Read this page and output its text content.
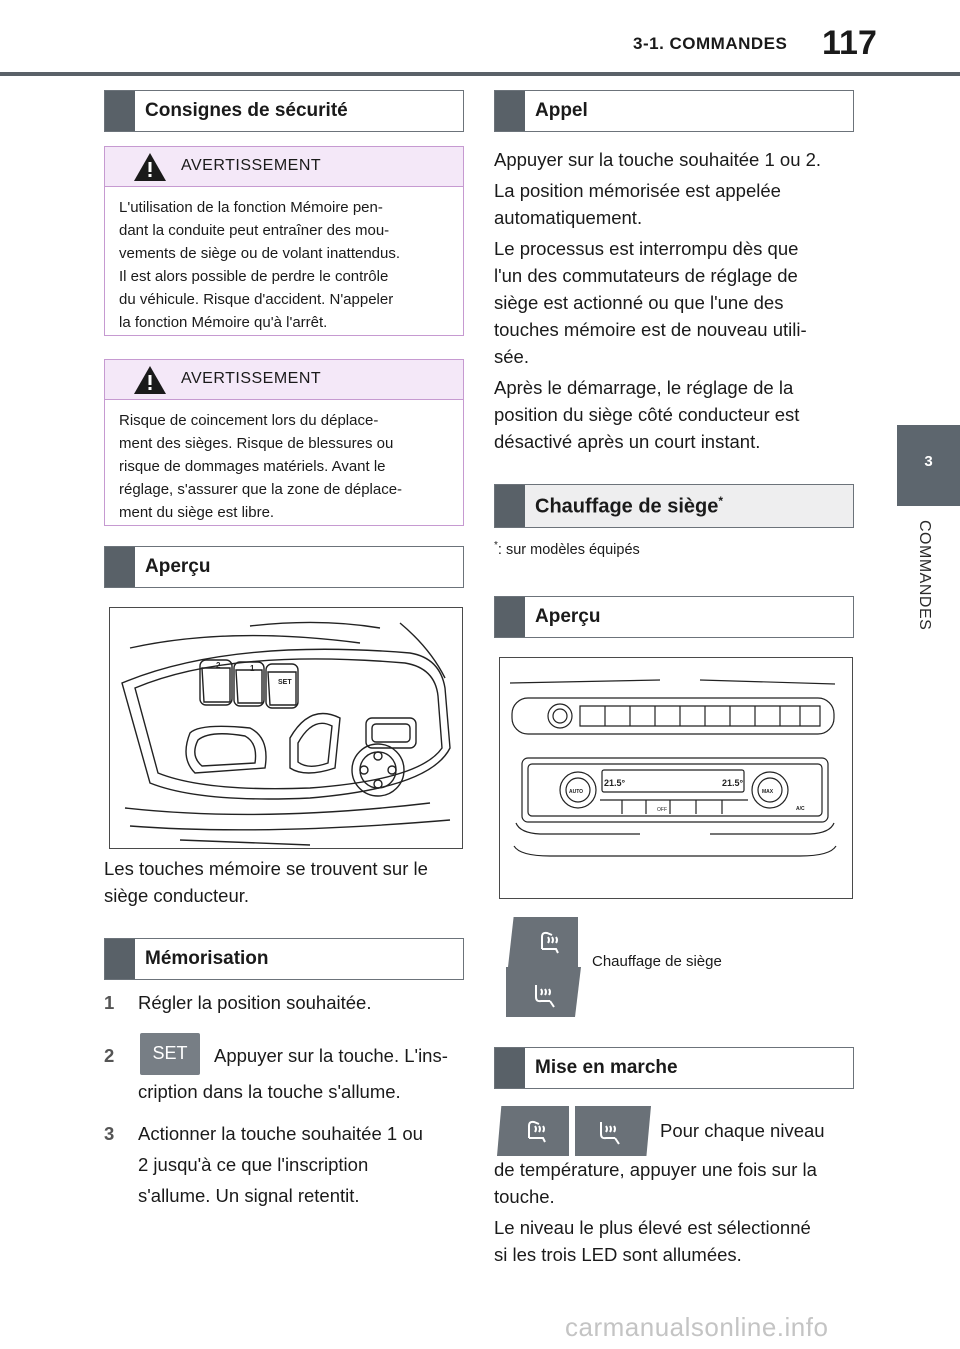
3-1. COMMANDES 117
3
COMMANDES
Consignes de sécurité
AVERTISSEMENT
L'utilisation de la fonction Mémoire pen-
dant la conduite peut entraîner des mou-
vements de siège ou de volant inattendus.
Il est alors possible de perdre le contrôle
du véhicule. Risque d'accident. N'appeler
la fonction Mémoire qu'à l'arrêt.
AVERTISSEMENT
Risque de coincement lors du déplace-
ment des sièges. Risque de blessures ou
risque de dommages matériels. Avant le
réglage, s'assurer que la zone de déplace-
ment du siège est libre.
Aperçu
2	1
SET
Les touches mémoire se trouvent sur le
siège conducteur.
Mémorisation
1 Régler la position souhaitée.
2	Appuyer sur la touche. L'ins-
cription dans la touche s'allume.
SET
3 Actionner la touche souhaitée 1 ou
2 jusqu'à ce que l'inscription
s'allume. Un signal retentit.
Appel
Appuyer sur la touche souhaitée 1 ou 2.
La position mémorisée est appelée
automatiquement.
Le processus est interrompu dès que
l'un des commutateurs de réglage de
siège est actionné ou que l'une des
touches mémoire est de nouveau utili-
sée.
Après le démarrage, le réglage de la
position du siège côté conducteur est
désactivé après un court instant.
Chauffage de siège*
*: sur modèles équipés
Aperçu
21.5°	21.5°
AUTO	MAX
A/C
OFF
Chauffage de siège
Mise en marche
Pour chaque niveau
de température, appuyer une fois sur la
touche.
Le niveau le plus élevé est sélectionné
si les trois LED sont allumées.
carmanualsonline.info
